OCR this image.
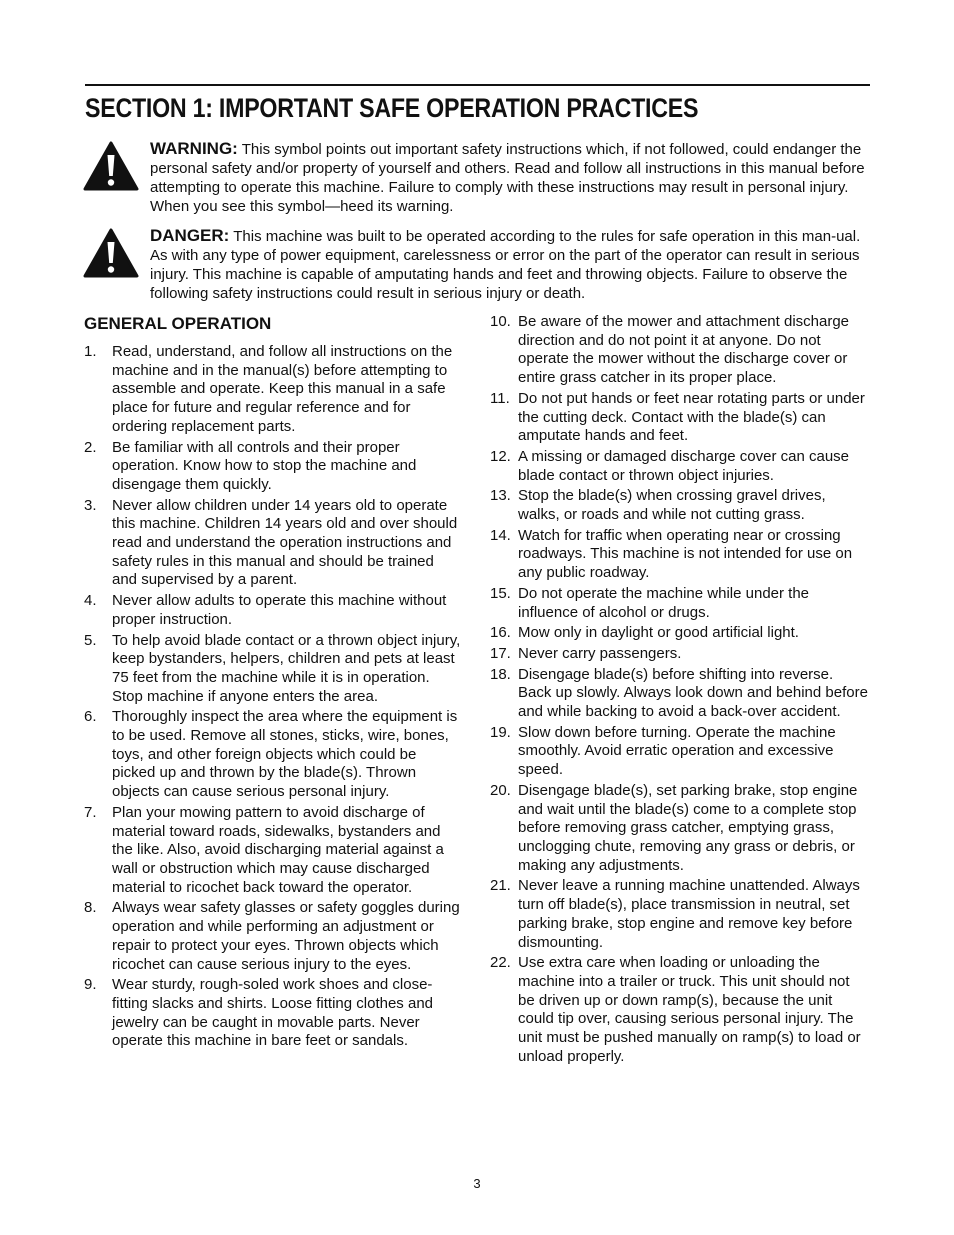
SECTION 1: IMPORTANT SAFE OPERATION PRACTICES
WARNING: This symbol points out important safety instructions which, if not followed, could endanger the personal safety and/or property of yourself and others. Read and follow all instructions in this manual before attempting to operate this machine. Failure to comply with these instructions may result in personal injury. When you see this symbol—heed its warning.
DANGER: This machine was built to be operated according to the rules for safe operation in this man-ual. As with any type of power equipment, carelessness or error on the part of the operator can result in serious injury. This machine is capable of amputating hands and feet and throwing objects. Failure to observe the following safety instructions could result in serious injury or death.
GENERAL OPERATION
1. Read, understand, and follow all instructions on the machine and in the manual(s) before attempting to assemble and operate. Keep this manual in a safe place for future and regular reference and for ordering replacement parts.
2. Be familiar with all controls and their proper operation. Know how to stop the machine and disengage them quickly.
3. Never allow children under 14 years old to operate this machine. Children 14 years old and over should read and understand the operation instructions and safety rules in this manual and should be trained and supervised by a parent.
4. Never allow adults to operate this machine without proper instruction.
5. To help avoid blade contact or a thrown object injury, keep bystanders, helpers, children and pets at least 75 feet from the machine while it is in operation. Stop machine if anyone enters the area.
6. Thoroughly inspect the area where the equipment is to be used. Remove all stones, sticks, wire, bones, toys, and other foreign objects which could be picked up and thrown by the blade(s). Thrown objects can cause serious personal injury.
7. Plan your mowing pattern to avoid discharge of material toward roads, sidewalks, bystanders and the like. Also, avoid discharging material against a wall or obstruction which may cause discharged material to ricochet back toward the operator.
8. Always wear safety glasses or safety goggles during operation and while performing an adjustment or repair to protect your eyes. Thrown objects which ricochet can cause serious injury to the eyes.
9. Wear sturdy, rough-soled work shoes and close-fitting slacks and shirts. Loose fitting clothes and jewelry can be caught in movable parts. Never operate this machine in bare feet or sandals.
10. Be aware of the mower and attachment discharge direction and do not point it at anyone. Do not operate the mower without the discharge cover or entire grass catcher in its proper place.
11. Do not put hands or feet near rotating parts or under the cutting deck. Contact with the blade(s) can amputate hands and feet.
12. A missing or damaged discharge cover can cause blade contact or thrown object injuries.
13. Stop the blade(s) when crossing gravel drives, walks, or roads and while not cutting grass.
14. Watch for traffic when operating near or crossing roadways. This machine is not intended for use on any public roadway.
15. Do not operate the machine while under the influence of alcohol or drugs.
16. Mow only in daylight or good artificial light.
17. Never carry passengers.
18. Disengage blade(s) before shifting into reverse. Back up slowly. Always look down and behind before and while backing to avoid a back-over accident.
19. Slow down before turning. Operate the machine smoothly. Avoid erratic operation and excessive speed.
20. Disengage blade(s), set parking brake, stop engine and wait until the blade(s) come to a complete stop before removing grass catcher, emptying grass, unclogging chute, removing any grass or debris, or making any adjustments.
21. Never leave a running machine unattended. Always turn off blade(s), place transmission in neutral, set parking brake, stop engine and remove key before dismounting.
22. Use extra care when loading or unloading the machine into a trailer or truck. This unit should not be driven up or down ramp(s), because the unit could tip over, causing serious personal injury. The unit must be pushed manually on ramp(s) to load or unload properly.
3
